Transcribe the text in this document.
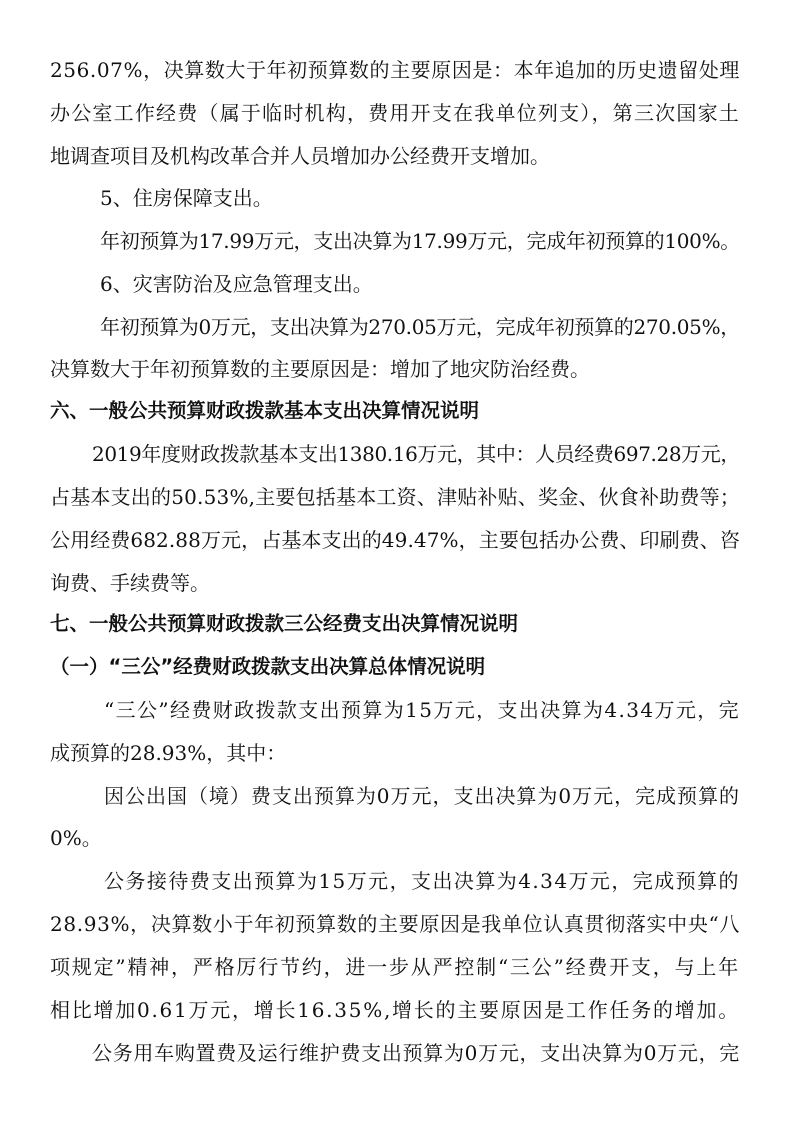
256.07%，决算数大于年初预算数的主要原因是：本年追加的历史遗留处理
办公室工作经费（属于临时机构，费用开支在我单位列支），第三次国家土
地调查项目及机构改革合并人员增加办公经费开支增加。
5、住房保障支出。
年初预算为17.99万元，支出决算为17.99万元，完成年初预算的100%。
6、灾害防治及应急管理支出。
年初预算为0万元，支出决算为270.05万元，完成年初预算的270.05%，
决算数大于年初预算数的主要原因是：增加了地灾防治经费。
六、一般公共预算财政拨款基本支出决算情况说明
2019年度财政拨款基本支出1380.16万元，其中：人员经费697.28万元，
占基本支出的50.53%,主要包括基本工资、津贴补贴、奖金、伙食补助费等；
公用经费682.88万元，占基本支出的49.47%，主要包括办公费、印刷费、咨
询费、手续费等。
七、一般公共预算财政拨款三公经费支出决算情况说明
（一）“三公”经费财政拨款支出决算总体情况说明
“三公”经费财政拨款支出预算为15万元，支出决算为4.34万元，完
成预算的28.93%，其中：
因公出国（境）费支出预算为0万元，支出决算为0万元，完成预算的
0%。
公务接待费支出预算为15万元，支出决算为4.34万元，完成预算的
28.93%，决算数小于年初预算数的主要原因是我单位认真贯彻落实中央“八
项规定”精神，严格厉行节约，进一步从严控制“三公”经费开支，与上年
相比增加0.61万元，增长16.35%,增长的主要原因是工作任务的增加。
公务用车购置费及运行维护费支出预算为0万元，支出决算为0万元，完
